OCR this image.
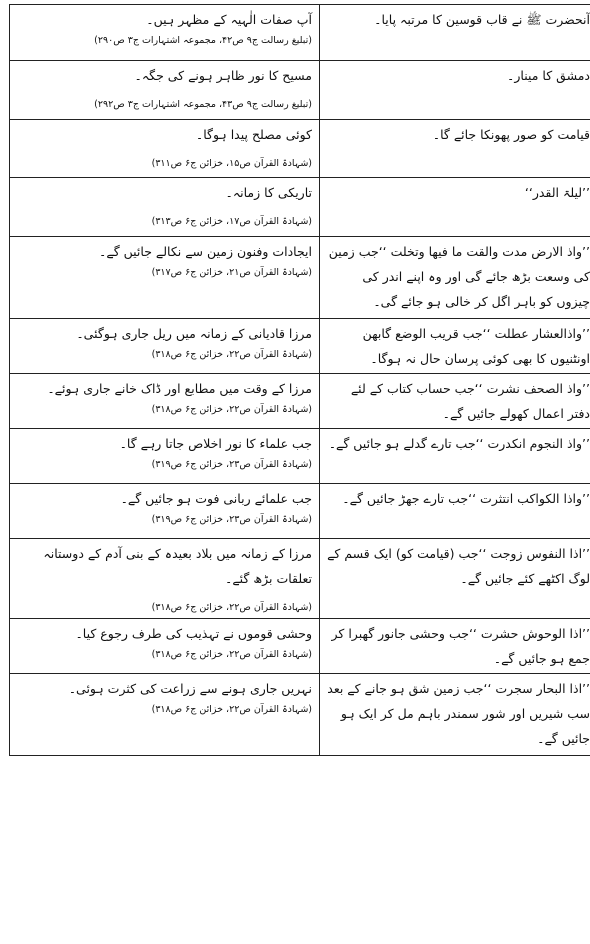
آنحضرت ﷺ نے قاب قوسین کا مرتبہ پایا۔	آپ صفات الٰہیہ کے مظہر ہیں۔
(تبلیغ رسالت ج۹ ص۴۲، مجموعہ اشتہارات ج۳ ص۲۹۰)

دمشق کا مینار۔	مسیح کا نور ظاہر ہونے کی جگہ۔
(تبلیغ رسالت ج۹ ص۴۳، مجموعہ اشتہارات ج۳ ص۲۹۲)

قیامت کو صور پھونکا جائے گا۔	کوئی مصلح پیدا ہوگا۔
(شہادۃ القرآن ص۱۵، خزائن ج۶ ص۳۱۱)

’’لیلۃ القدر‘‘	تاریکی کا زمانہ۔
(شہادۃ القرآن ص۱۷، خزائن ج۶ ص۳۱۳)

’’واذ الارض مدت والقت ما فیھا وتخلت ‘‘جب زمین کی وسعت بڑھ جائے گی اور وہ اپنے اندر کی چیزوں کو باہر اگل کر خالی ہو جائے گی۔	ایجادات وفنون زمین سے نکالے جائیں گے۔
(شہادۃ القرآن ص۲۱، خزائن ج۶ ص۳۱۷)

’’واذالعشار عطلت ‘‘جب قریب الوضع گابھن اونٹنیوں کا بھی کوئی پرسان حال نہ ہوگا۔	مرزا قادیانی کے زمانہ میں ریل جاری ہوگئی۔
(شہادۃ القرآن ص۲۲، خزائن ج۶ ص۳۱۸)

’’واذ الصحف نشرت ‘‘جب حساب کتاب کے لئے دفتر اعمال کھولے جائیں گے۔	مرزا کے وقت میں مطابع اور ڈاک خانے جاری ہوئے۔
(شہادۃ القرآن ص۲۲، خزائن ج۶ ص۳۱۸)

’’واذ النجوم انکدرت ‘‘جب تارے گدلے ہو جائیں گے۔	جب علماء کا نور اخلاص جاتا رہے گا۔
(شہادۃ القرآن ص۲۳، خزائن ج۶ ص۳۱۹)

’’واذا الکواکب انتثرت ‘‘جب تارے جھڑ جائیں گے۔	جب علمائے ربانی فوت ہو جائیں گے۔
(شہادۃ القرآن ص۲۳، خزائن ج۶ ص۳۱۹)

’’اذا النفوس زوجت ‘‘جب (قیامت کو) ایک قسم کے لوگ اکٹھے کئے جائیں گے۔	مرزا کے زمانہ میں بلاد بعیدہ کے بنی آدم کے دوستانہ تعلقات بڑھ گئے۔
(شہادۃ القرآن ص۲۲، خزائن ج۶ ص۳۱۸)

’’اذا الوحوش حشرت ‘‘جب وحشی جانور گھبرا کر جمع ہو جائیں گے۔	وحشی قوموں نے تہذیب کی طرف رجوع کیا۔
(شہادۃ القرآن ص۲۲، خزائن ج۶ ص۳۱۸)

’’اذا البحار سجرت ‘‘جب زمین شق ہو جانے کے بعد سب شیریں اور شور سمندر باہم مل کر ایک ہو جائیں گے۔	نہریں جاری ہونے سے زراعت کی کثرت ہوئی۔
(شہادۃ القرآن ص۲۲، خزائن ج۶ ص۳۱۸)
